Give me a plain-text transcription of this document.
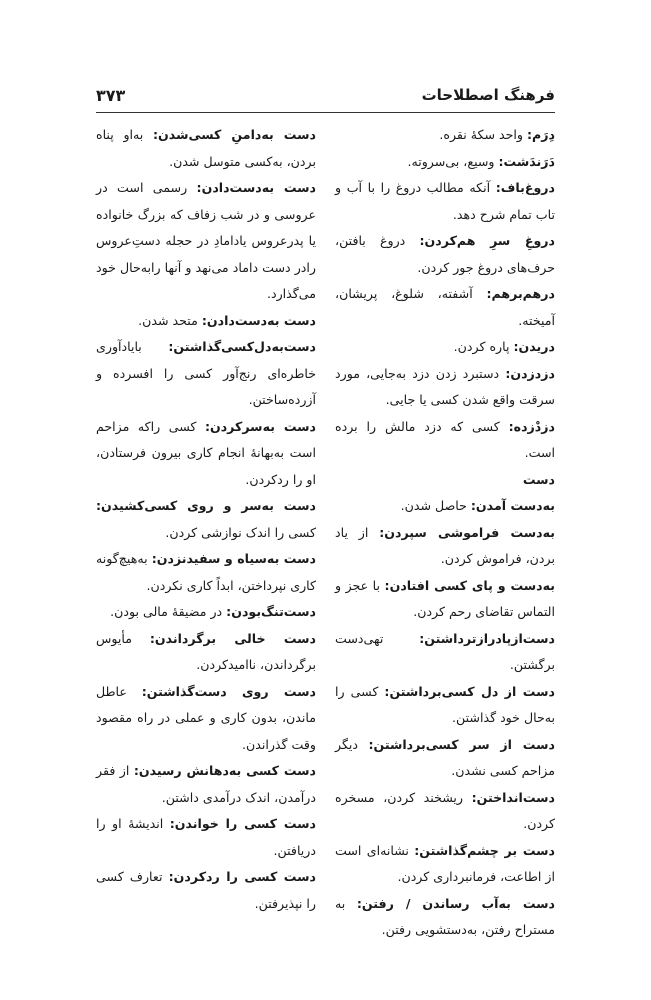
فرهنگ اصطلاحات
۳۷۳

دِرَم: واحد سکهٔ نقره.

دَرَندَشت: وسیع، بی‌سروته.

دروغ‌باف: آنکه مطالب دروغ را با آب و تاب تمام شرح دهد.

دروغِ سرِ هم‌کردن: دروغ بافتن، حرف‌های دروغ جور کردن.

درهم‌برهم: آشفته، شلوغ، پریشان، آمیخته.

دریدن: پاره کردن.

دزدزدن: دستبرد زدن دزد به‌جایی، مورد سرقت واقع شدن کسی یا جایی.

دزدْزده: کسی که دزد مالش را برده است.

دست

به‌دست آمدن: حاصل شدن.

به‌دست فراموشی سپردن: از یاد بردن، فراموش کردن.

به‌دست و پای کسی افتادن: با عجز و التماس تقاضای رحم کردن.

دست‌ازپادرازترداشتن: تهی‌دست برگشتن.

دست از دل کسی‌برداشتن: کسی را به‌حال خود گذاشتن.

دست از سر کسی‌برداشتن: دیگر مزاحم کسی نشدن.

دست‌انداختن: ریشخند کردن، مسخره کردن.

دست بر چشم‌گذاشتن: نشانه‌ای است از اطاعت، فرمانبرداری کردن.

دست به‌آب رساندن / رفتن: به مستراح رفتن، به‌دستشویی رفتن.

دست به‌دامنِ کسی‌شدن: به‌او پناه بردن، به‌کسی متوسل شدن.

دست به‌دست‌دادن: رسمی است در عروسی و در شب زفاف که بزرگ خانواده یا پدرعروس یادامادِ در حجله دستِ‌عروس رادر دست داماد می‌نهد و آنها رابه‌حال خود می‌گذارد.

دست به‌دست‌دادن: متحد شدن.

دست‌به‌دل‌کسی‌گذاشتن: بایادآوری خاطره‌ای رنج‌آور کسی را افسرده و آزرده‌ساختن.

دست به‌سرکردن: کسی راکه مزاحم است به‌بهانهٔ انجام کاری بیرون فرستادن، او را ردکردن.

دست به‌سر و روی کسی‌کشیدن: کسی را اندک نوازشی کردن.

دست به‌سیاه و سفیدنزدن: به‌هیچ‌گونه کاری نپرداختن، ابداً کاری نکردن.

دست‌تنگ‌بودن: در مضیقهٔ مالی بودن.

دست خالی برگرداندن: مأیوس برگرداندن، ناامیدکردن.

دست روی دست‌گذاشتن: عاطل ماندن، بدون کاری و عملی در راه مقصود وقت گذراندن.

دست کسی به‌دهانش رسیدن: از فقر درآمدن، اندک درآمدی داشتن.

دست کسی را خواندن: اندیشهٔ او را دریافتن.

دست کسی را ردکردن: تعارف کسی را نپذیرفتن.
